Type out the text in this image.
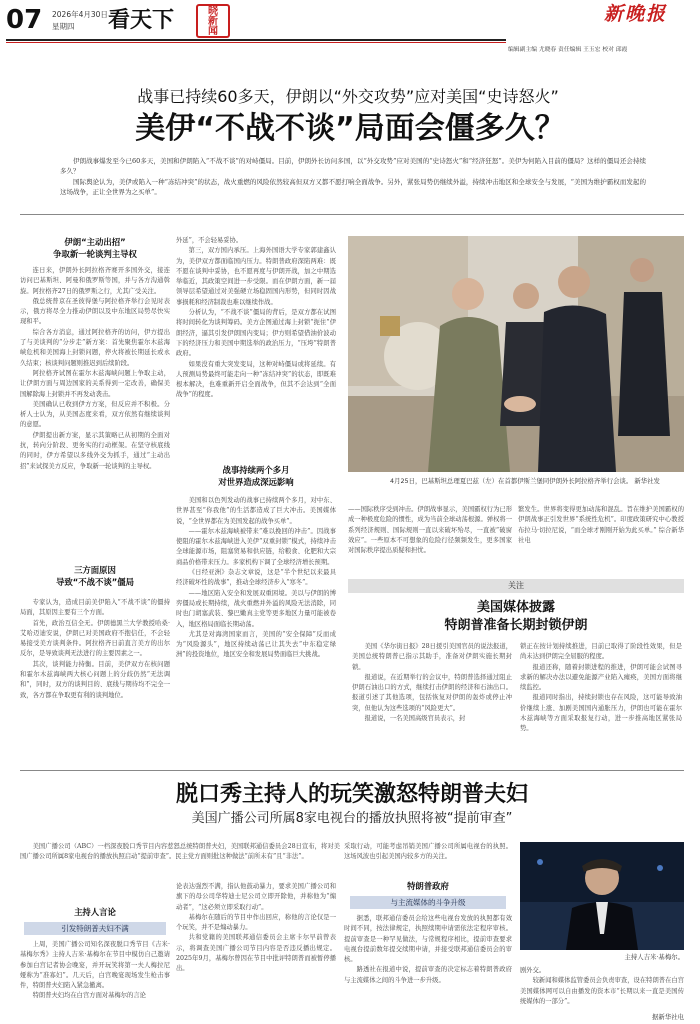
07 2026年4月30日
星期四 看天下	晓新闻
新晚报
编辑副主编 尤晓春 责任编辑 王玉宏 校对 邱霞
战事已持续60多天，伊朗以“外交攻势”应对美国“史诗怒火”
美伊“不战不谈”局面会僵多久？

伊朗战事爆发至今已60多天，美国和伊朗陷入“不战不谈”的对峙僵局。目前，伊朗外长访问多国，以“外交攻势”应对美国的“史诗怒火”和“经济狂怒”。美伊为何陷入目前的僵局？这样的僵局还会持续多久？

国际舆论认为，美伊或陷入一种“冻结冲突”的状态，战火重燃的风险依然较高但双方又都不愿打响全面战争。另外，紧张局势仍继续外溢，持续冲击地区和全球安全与发展，“美国为维护霸权而发起的这场战争，正让全世界为之买单”。

伊朗“主动出招”
争取新一轮谈判主导权

连日来，伊朗外长阿拉格齐赛开多国外交，接连访问巴基斯坦、阿曼和俄罗斯等国，并与各方沟通斡旋。阿拉格齐27日的俄罗斯之行，尤其广受关注。

俄总统普京在圣彼得堡与阿拉格齐举行会见时表示，俄方将尽全力推动伊朗以及中东地区局势尽快实现和平。

综合各方消息，通过阿拉格齐的访问，伊方提出了与美谈判的“分步走”新方案：首先聚焦霍尔木兹海峡危机和美国海上封锁问题，停火将被长期延长或永久结束；核谈判问题则推迟到后续阶段。

阿拉格齐试图在霍尔木兹海峡问题上争取主动，让伊朗方面与周边国家的关系得到一定改善，确保美国解除海上封锁并不再发动袭击。

美国确认已收到伊方方案，但反应并不积极。分析人士认为，从美国态度来看，双方依然有继续谈判的意愿。

伊朗提出新方案，显示其策略已从初期的全面对抗，转向分阶段、更务实的行动框架。在坚守核底线的同时，伊方希望以多线外交为抓手，通过“主动出招”来试探美方反应，争取新一轮谈判的主导权。

三方面原因
导致“不战不谈”僵局

专家认为，造成目前美伊陷入“不战不谈”的僵持局面，其原因主要有三个方面。

首先，政治互信全无。伊朗德黑兰大学教授哈桑·艾哈迈迪安说，伊朗已对美国政府不抱信任，不会轻易接受美方谈判条件。阿拉格齐日前直言美方的出尔反尔，是导致谈判无法进行的主要因素之一。

其次，谈判能力持衡。目前，美伊双方在核问题和霍尔木兹海峡两大核心问题上的分歧仍然“无法调和”，同时，双方的谈判目的、底线与期待均不完全一致，各方都在争取更有利的谈判地位。

外延”，不会轻易妥协。

第三，双方国内承压。上海外国语大学专家郭建鑫认为，美伊双方都面临国内压力。特朗普政府深陷两难：既不愿在谈判中妥协，也不愿再度与伊朗开战，加之中期选举临近，其政策空间进一步受限。而在伊朗方面，新一届领导层希望通过对美强硬立场稳固国内形势，但同时因战事损耗和经济制裁也难以继续作战。

分析认为，“不战不谈”僵局的背后，是双方都在试图将时间转化为谈判筹码。美方企图通过海上封锁“扼住”伊朗经济，逼其引发伊朗国内变局；伊方则希望借油价波动下的经济压力和美国中期选举的政治压力，“压垮”特朗普政府。

如果没有重大突发变局，这种对峙僵局或将延续。有人预测局势最终可能走向一种“冻结冲突”的状态，即既难根本解决，也难重新开启全面战争，但其不会达到“全面战争”的程度。

战事持续两个多月
对世界造成深远影响

美国和以色列发动的战事已持续两个多月，对中东、世界甚至“你我他”的生活都造成了巨大冲击。美国媒体说，“全世界都在为美国发起的战争买单”。

——霍尔木兹海峡被带来“难以挽回的冲击”。因战事使阻的霍尔木兹海峡进入美伊“双重封锁”模式，持续冲击全球能源市场，阻塞贸易和供应链，给粮食、化肥和大宗商品价格带来压力。多家机构下调了全球经济增长预期。

《日经亚洲》杂志文章说，这是“半个世纪以来最具经济破坏性的战事”，推动全球经济步入“寒冬”。

——地区陷入安全和发展双重困境。美以与伊朗的博弈僵局或长期持续，战火重燃并外溢的风险无法消除，同时也门胡塞武装、黎巴嫩真主党等更多地区力量可能被卷入，地区格局面临长期动荡。

尤其是对海湾国家而言，美国的“安全保障”反而成为“风险源头”，地区持续动荡已让其失去“中东稳定绿洲”的投资地位，地区安全和发展局势面临巨大挑战。

4月25日，巴基斯坦总理夏巴兹（左）在首都伊斯兰堡同伊朗外长阿拉格齐举行会谈。 新华社发
——国际秩序受到冲击。伊朗战事显示，美国霸权行为已形成一种极度危险的惯性，成为当前全球动荡根源。弹权将一系列经济规则、国际规则一直以来破坏殆尽，一直被“破窗效应”。一些原本不可想象的危险行径频频发生，更多国家对国际秩序提出质疑和担忧。
繁发生。世界将变得更加动荡和混乱。旨在维护美国霸权的伊朗战事正引发世界“系统性危机”。印度政策研究中心教授布拉马·切拉尼说，“而全球才刚刚开始为此买单。” 综合新华社电
关注
美国媒体披露
特朗普准备长期封锁伊朗

美国《华尔街日报》28日援引美国官员的说法报道，美国总统特朗普已指示其助手，准备对伊朗实施长期封锁。

报道说，在近期举行的会议中，特朗普选择通过阻止伊朗石油出口的方式，继续打击伊朗的经济和石油出口。报道引述了其他选项，包括恢复对伊朗的轰炸或停止冲突，但他认为这些选项的“风险更大”。

报道说，一名美国高级官员表示，封

锁正在按计划持续推进，目前已取得了阶段性效果，但是尚未达到伊朗完全屈服的程度。

报道还称，随着封锁进程的推进，伊朗可能会试图寻求新的解决办法以避免能源产业陷入瘫痪，美国方面将继续监控。

报道同时指出，持续封锁也存在风险，这可能导致油价继续上涨、加剧美国国内通胀压力，伊朗也可能在霍尔木兹海峡等方面采取报复行动，进一步推高地区紧张局势。

脱口秀主持人的玩笑激怒特朗普夫妇
美国广播公司所属8家电视台的播放执照将被“提前审查”
美国广播公司（ABC）一档深夜脱口秀节目内容惹怒总统特朗普夫妇，美国联邦通信委员会28日宣布，将对美国广播公司所属8家电视台的播放执照启动“提前审查”。民主党方面则批这种做法“前所未有”且“非法”。
采取行动，可能考虑吊销美国广播公司所属电视台的执照。这场风波也引起美国内较多方的关注。
主持人言论
引发特朗普夫妇不满

上周，美国广播公司知名深夜脱口秀节目《吉米·基梅尔秀》主持人吉米·基梅尔在节目中模仿自己邀请参加白宫记者协会晚宴，并开玩笑将第一夫人梅拉尼娅称为“准寡妇”。几天后，白宫晚宴现场发生枪击事件，特朗普夫妇陷入紧急撤离。

特朗普夫妇均在白宫方面对基梅尔的言论

论表达强烈不满，指认他鼓动暴力，要求美国广播公司和旗下的母公司华特迪士尼公司立即开除他，并称他为“煽动者”，“这必须立即采取行动”。

基梅尔在随后的节目中作出回应，称他的言论仅是一个玩笑，并不是煽动暴力。

共和党籍的美国联邦通信委员会主席卡尔早前曾表示，将调查美国广播公司节目内容是否违反播出规定。2025年9月，基梅尔曾因在节目中批评特朗普而被暂停播出。

特朗普政府
与主流媒体的斗争升级

据悉，联邦通信委员会给这些电视台发放的执照都有效时间不同，按法律规定，执照续期申请需依法定程序审核。提前审查是一种罕见做法，与常规程序相比，提前审查要求电视台提前数年提交续期申请，并接受联邦通信委员会的审核。

路透社在报道中说，提前审查的决定标志着特朗普政府与主流媒体之间的斗争进一步升级。

主持人吉米·基梅尔。

剧外交。

较新闻和媒体监管委员会负责审查，设在特朗普在白宫美国媒体网可以自由播发的资本市“长期以来一直是美国传统媒体的一部分”。

据新华社电
